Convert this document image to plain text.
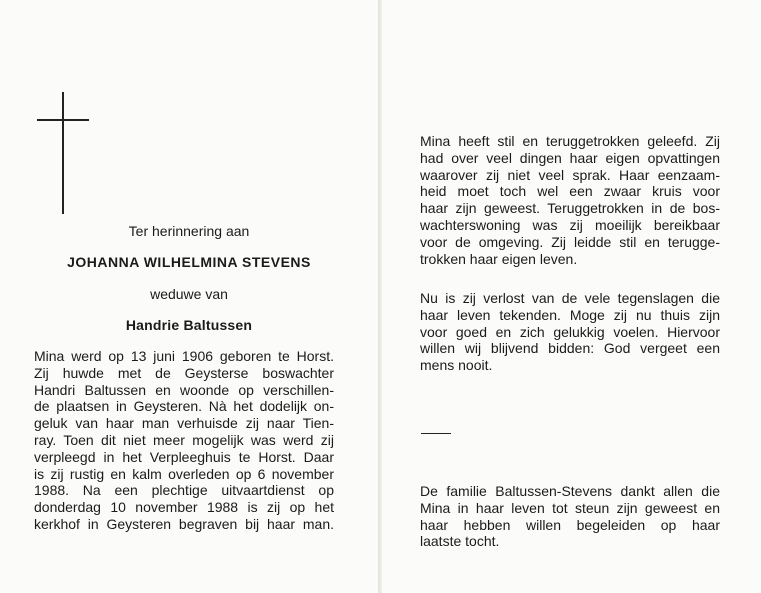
Ter herinnering aan
JOHANNA WILHELMINA STEVENS
weduwe van
Handrie Baltussen

Mina werd op 13 juni 1906 geboren te Horst.
Zij huwde met de Geysterse boswachter
Handri Baltussen en woonde op verschillen-
de plaatsen in Geysteren. Nà het dodelijk on-
geluk van haar man verhuisde zij naar Tien-
ray. Toen dit niet meer mogelijk was werd zij
verpleegd in het Verpleeghuis te Horst. Daar
is zij rustig en kalm overleden op 6 november
1988. Na een plechtige uitvaartdienst op
donderdag 10 november 1988 is zij op het
kerkhof in Geysteren begraven bij haar man.

Mina heeft stil en teruggetrokken geleefd. Zij
had over veel dingen haar eigen opvattingen
waarover zij niet veel sprak. Haar eenzaam-
heid moet toch wel een zwaar kruis voor
haar zijn geweest. Teruggetrokken in de bos-
wachterswoning was zij moeilijk bereikbaar
voor de omgeving. Zij leidde stil en terugge-
trokken haar eigen leven.

Nu is zij verlost van de vele tegenslagen die
haar leven tekenden. Moge zij nu thuis zijn
voor goed en zich gelukkig voelen. Hiervoor
willen wij blijvend bidden: God vergeet een
mens nooit.

De familie Baltussen-Stevens dankt allen die
Mina in haar leven tot steun zijn geweest en
haar hebben willen begeleiden op haar
laatste tocht.
